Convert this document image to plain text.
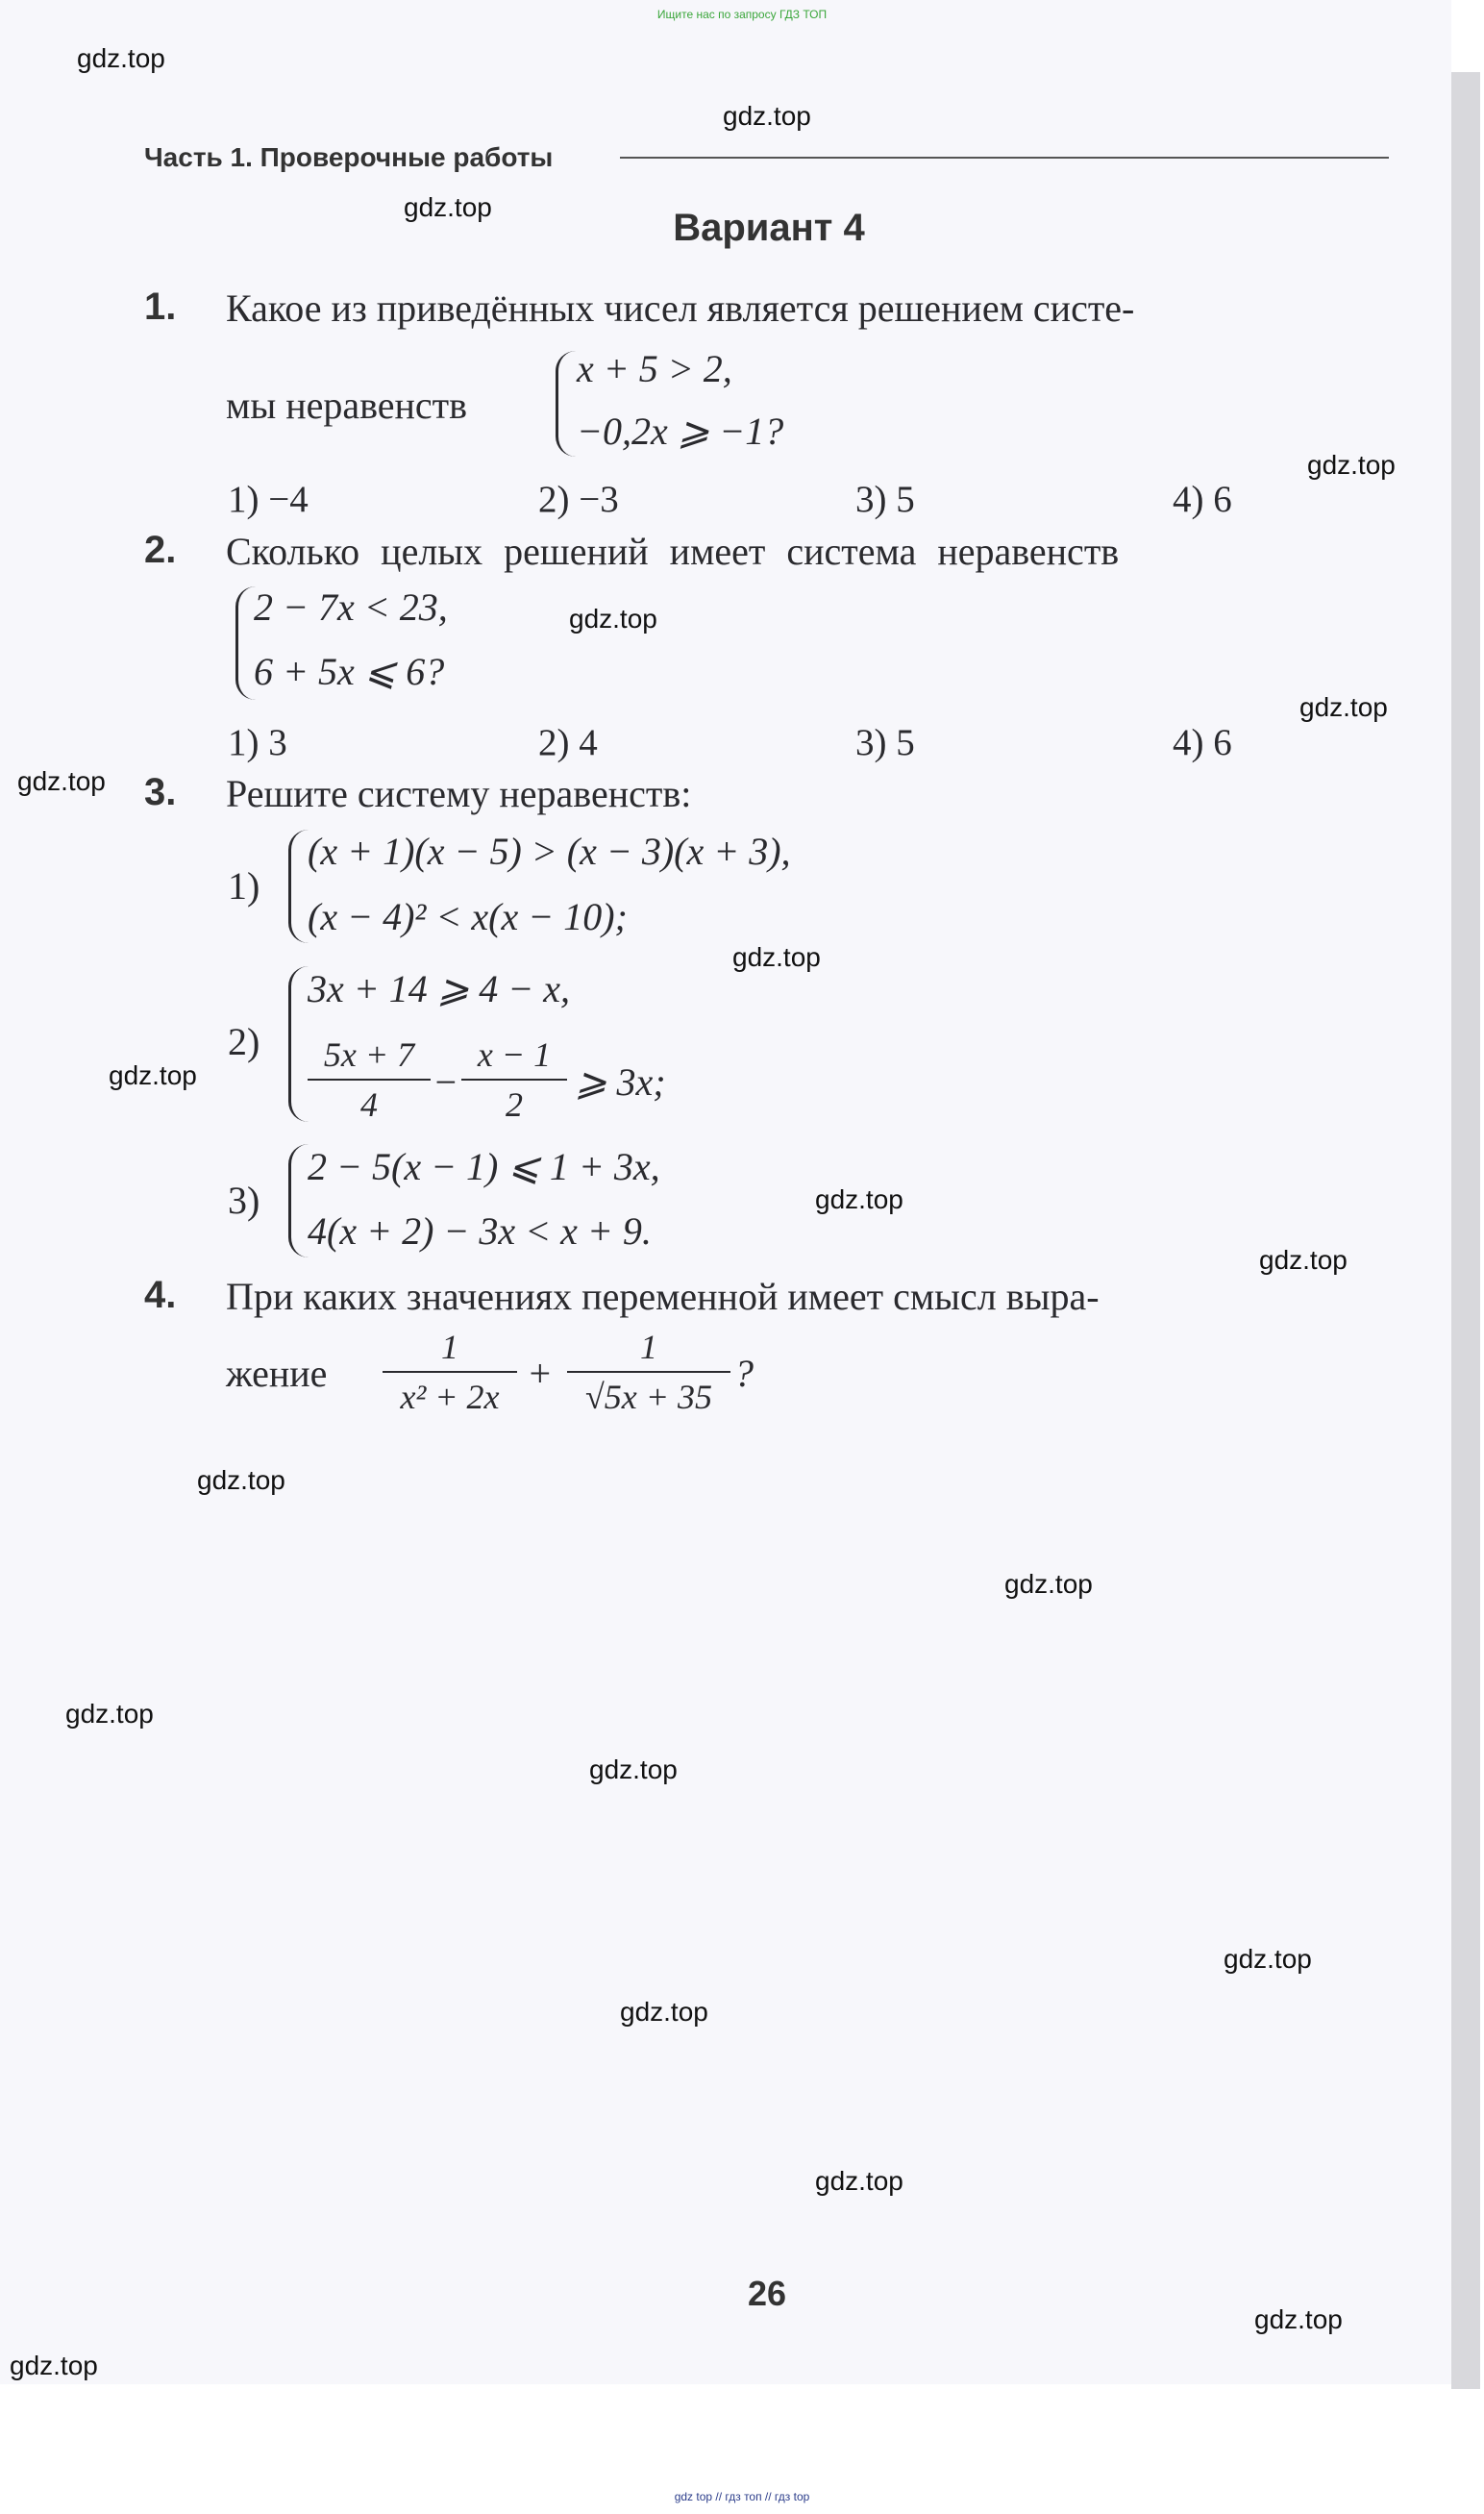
Ищите нас по запросу ГДЗ ТОП
gdz.top
gdz.top
gdz.top
gdz.top
gdz.top
gdz.top
gdz.top
gdz.top
gdz.top
gdz.top
gdz.top
gdz.top
gdz.top
gdz.top
gdz.top
gdz.top
gdz.top
gdz.top
gdz.top
gdz.top
Часть 1. Проверочные работы
Вариант 4
1. Какое из приведённых чисел является решением систе-
мы неравенств
x + 5 > 2,
−0,2x ⩾ −1?
1) −4	2) −3	3) 5	4) 6
2. Сколько целых решений имеет система неравенств
2 − 7x < 23,
6 + 5x ⩽ 6?
1) 3	2) 4	3) 5	4) 6
3. Решите систему неравенств:
1)
(x + 1)(x − 5) > (x − 3)(x + 3),
(x − 4)² < x(x − 10);
2)
3x + 14 ⩾ 4 − x,
5x + 7
4
−
x − 1
2
⩾ 3x;
3)
2 − 5(x − 1) ⩽ 1 + 3x,
4(x + 2) − 3x < x + 9.
4. При каких значениях переменной имеет смысл выра-
жение
1
x² + 2x
+
1
√5x + 35
?
26
gdz top // гдз топ // гдз top
